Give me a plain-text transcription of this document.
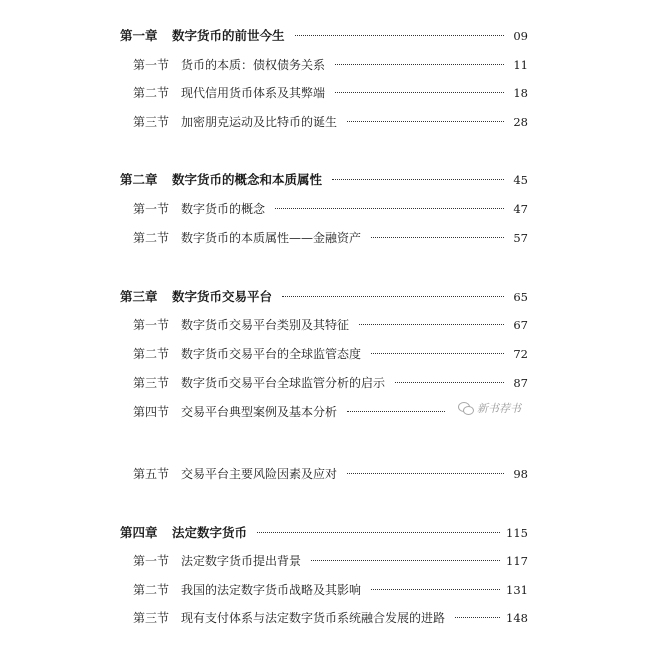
第一章	数字货币的前世今生	09
第一节 货币的本质：债权债务关系	11
第二节 现代信用货币体系及其弊端	18
第三节 加密朋克运动及比特币的诞生	28
第二章	数字货币的概念和本质属性	45
第一节 数字货币的概念	47
第二节 数字货币的本质属性——金融资产	57
第三章	数字货币交易平台	65
第一节 数字货币交易平台类别及其特征	67
第二节 数字货币交易平台的全球监管态度	72
第三节 数字货币交易平台全球监管分析的启示	87
第四节 交易平台典型案例及基本分析	新书荐书
第五节 交易平台主要风险因素及应对	98
第四章	法定数字货币	115
第一节 法定数字货币提出背景	117
第二节 我国的法定数字货币战略及其影响	131
第三节 现有支付体系与法定数字货币系统融合发展的进路	148
